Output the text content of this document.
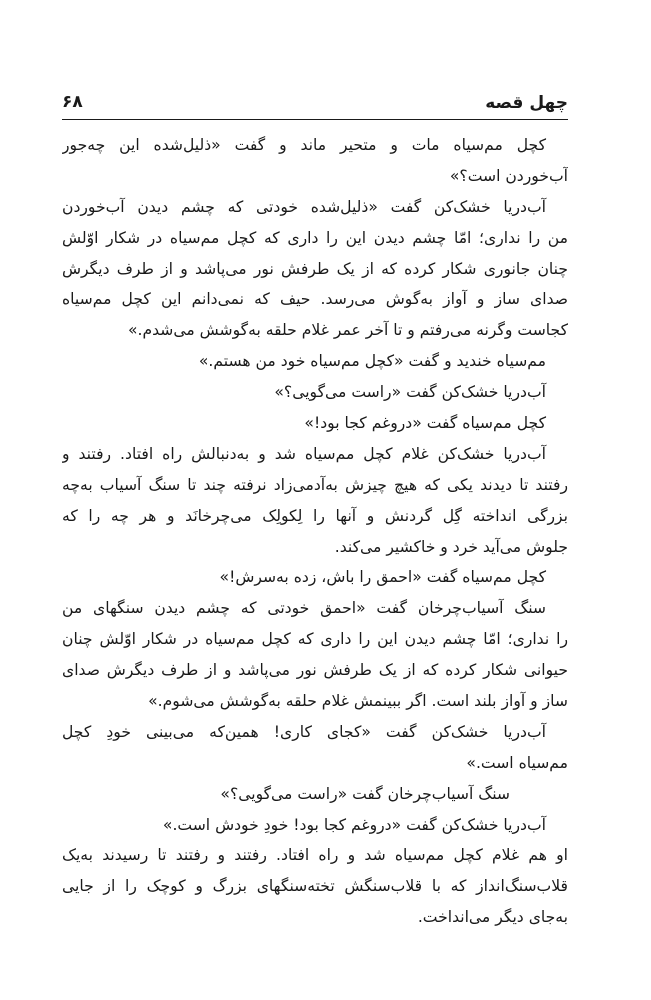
چهل قصه
۶۸
کچل مم‌سیاه مات و متحیر ماند و گفت «ذلیل‌شده این چه‌جور
آب‌خوردن است؟»
آب‌دریا خشک‌کن گفت «ذلیل‌شده خودتی که چشم دیدن آب‌خوردن
من را نداری؛ امّا چشم دیدن این را داری که کچل مم‌سیاه در شکار اوّلش
چنان جانوری شکار کرده که از یک طرفش نور می‌پاشد و از طرف دیگرش
صدای ساز و آواز به‌گوش می‌رسد. حیف که نمی‌دانم این کچل مم‌سیاه
کجاست وگرنه می‌رفتم و تا آخر عمر غلام حلقه به‌گوشش می‌شدم.»
مم‌سیاه خندید و گفت «کچل مم‌سیاه خود من هستم.»
آب‌دریا خشک‌کن گفت «راست می‌گویی؟»
کچل مم‌سیاه گفت «دروغم کجا بود!»
آب‌دریا خشک‌کن غلام کچل مم‌سیاه شد و به‌دنبالش راه افتاد. رفتند و
رفتند تا دیدند یکی که هیچ چیزش به‌آدمی‌زاد نرفته چند تا سنگ آسیاب به‌چه
بزرگی انداخته گِل گردنش و آنها را لِکولِک می‌چرخانَد و هر چه را که
جلوش می‌آید خرد و خاکشیر می‌کند.
کچل مم‌سیاه گفت «احمق را باش، زده به‌سرش!»
سنگ آسیاب‌چرخان گفت «احمق خودتی که چشم دیدن سنگهای من
را نداری؛ امّا چشم دیدن این را داری که کچل مم‌سیاه در شکار اوّلش چنان
حیوانی شکار کرده که از یک طرفش نور می‌پاشد و از طرف دیگرش صدای
ساز و آواز بلند است. اگر ببینمش غلام حلقه به‌گوشش می‌شوم.»
آب‌دریا خشک‌کن گفت «کجای کاری! همین‌که می‌بینی خودِ کچل
مم‌سیاه است.»
سنگ آسیاب‌چرخان گفت «راست می‌گویی؟»
آب‌دریا خشک‌کن گفت «دروغم کجا بود! خودِ خودش است.»
او هم غلام کچل مم‌سیاه شد و راه افتاد. رفتند و رفتند تا رسیدند به‌یک
قلاب‌سنگ‌انداز که با قلاب‌سنگش تخته‌سنگهای بزرگ و کوچک را از جایی
به‌جای دیگر می‌انداخت.
